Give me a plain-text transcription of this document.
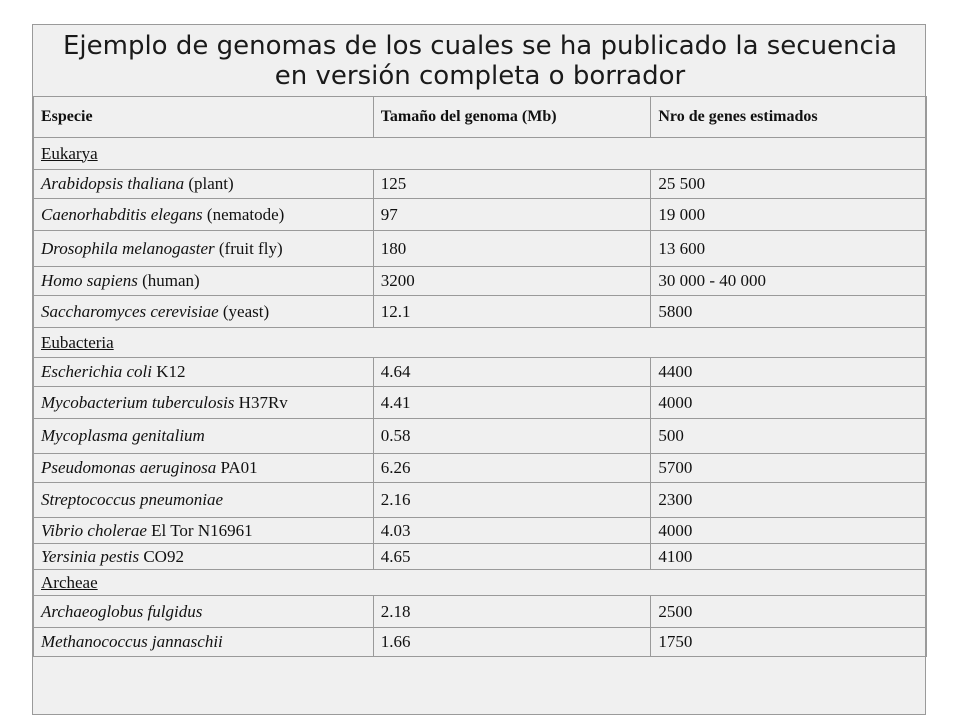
Ejemplo de genomas de los cuales se ha publicado la secuencia
en versión completa o borrador
Especie	Tamaño del genoma (Mb)	Nro de genes estimados
Eukarya		
Arabidopsis thaliana (plant)	125	25 500
Caenorhabditis elegans (nematode)	97	19 000
Drosophila melanogaster (fruit fly)	180	13 600
Homo sapiens (human)	3200	30 000 - 40 000
Saccharomyces cerevisiae (yeast)	12.1	5800
Eubacteria		
Escherichia coli K12	4.64	4400
Mycobacterium tuberculosis H37Rv	4.41	4000
Mycoplasma genitalium	0.58	500
Pseudomonas aeruginosa PA01	6.26	5700
Streptococcus pneumoniae	2.16	2300
Vibrio cholerae El Tor N16961	4.03	4000
Yersinia pestis CO92	4.65	4100
Archeae		
Archaeoglobus fulgidus	2.18	2500
Methanococcus jannaschii	1.66	1750
